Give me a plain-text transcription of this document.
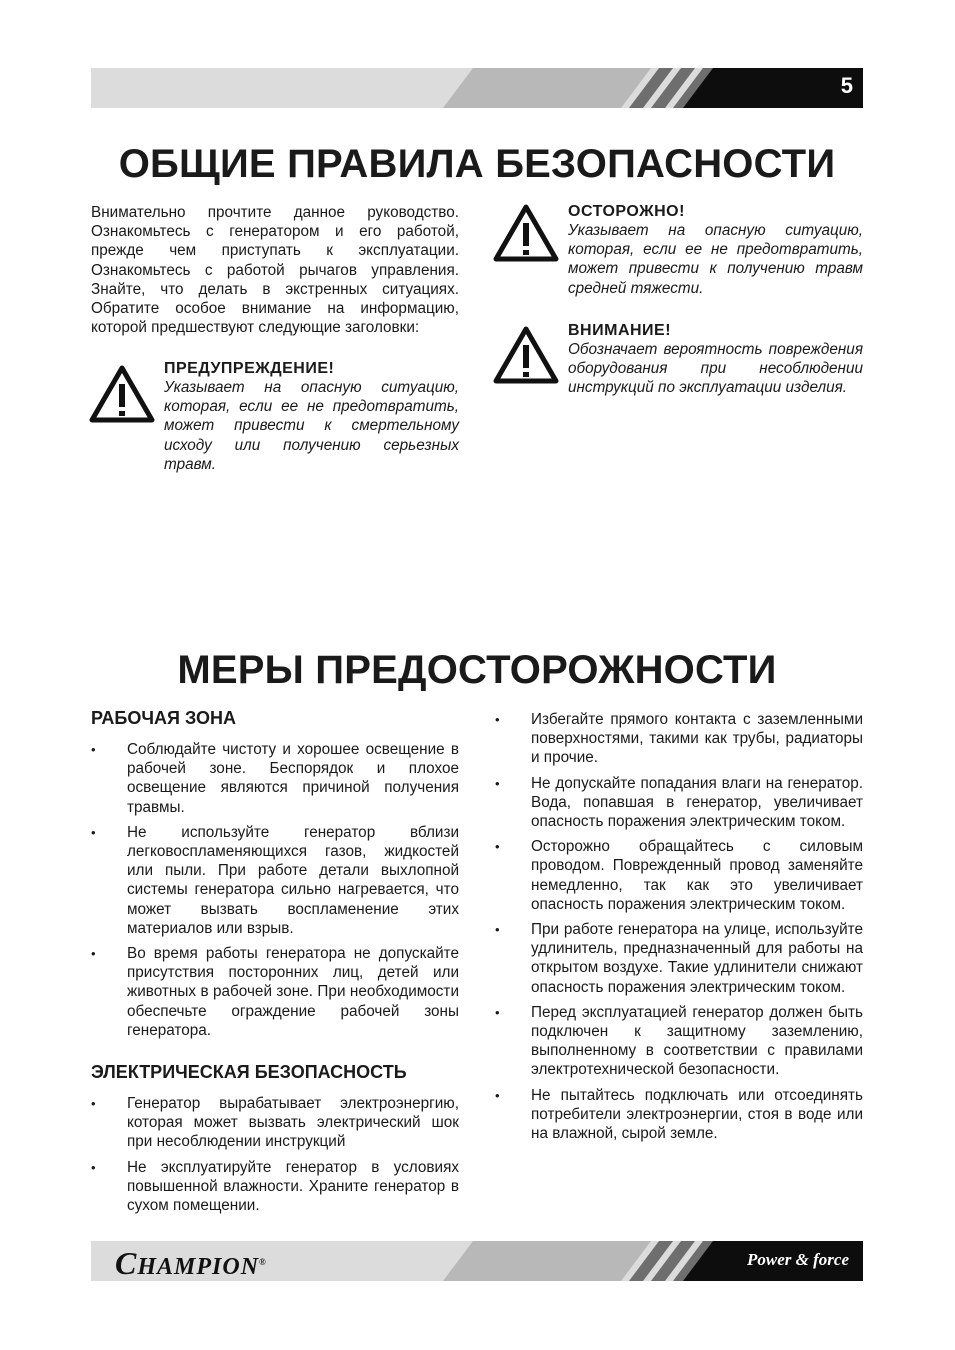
5
ОБЩИЕ ПРАВИЛА БЕЗОПАСНОСТИ
Внимательно прочтите данное руководство. Ознакомьтесь с генератором и его работой, прежде чем приступать к эксплуатации. Ознакомьтесь с работой рычагов управления. Знайте, что делать в экстренных ситуациях. Обратите особое внимание на информацию, которой предшествуют следующие заголовки:

ПРЕДУПРЕЖДЕНИЕ!

Указывает на опасную ситуацию, которая, если ее не предотвратить, может привести к смертельному исходу или получению серьезных травм.

ОСТОРОЖНО!

Указывает на опасную ситуацию, которая, если ее не предотвратить, может привести к получению травм средней тяжести.

ВНИМАНИЕ!

Обозначает вероятность повреждения оборудования при несоблюдении инструкций по эксплуатации изделия.

МЕРЫ ПРЕДОСТОРОЖНОСТИ
РАБОЧАЯ ЗОНА
• Соблюдайте чистоту и хорошее освещение в рабочей зоне. Беспорядок и плохое освещение являются причиной получения травмы.
• Не используйте генератор вблизи легковоспламеняющихся газов, жидкостей или пыли. При работе детали выхлопной системы генератора сильно нагревается, что может вызвать воспламенение этих материалов или взрыв.
• Во время работы генератора не допускайте присутствия посторонних лиц, детей или животных в рабочей зоне. При необходимости обеспечьте ограждение рабочей зоны генератора.
ЭЛЕКТРИЧЕСКАЯ БЕЗОПАСНОСТЬ
• Генератор вырабатывает электроэнергию, которая может вызвать электрический шок при несоблюдении инструкций
• Не эксплуатируйте генератор в условиях повышенной влажности. Храните генератор в сухом помещении.
• Избегайте прямого контакта с заземленными поверхностями, такими как трубы, радиаторы и прочие.
• Не допускайте попадания влаги на генератор. Вода, попавшая в генератор, увеличивает опасность поражения электрическим током.
• Осторожно обращайтесь с силовым проводом. Поврежденный провод заменяйте немедленно, так как это увеличивает опасность поражения электрическим током.
• При работе генератора на улице, используйте удлинитель, предназначенный для работы на открытом воздухе. Такие удлинители снижают опасность поражения электрическим током.
• Перед эксплуатацией генератор должен быть подключен к защитному заземлению, выполненному в соответствии с правилами электротехнической безопасности.
• Не пытайтесь подключать или отсоединять потребители электроэнергии, стоя в воде или на влажной, сырой земле.
CHAMPION®	Power & force
